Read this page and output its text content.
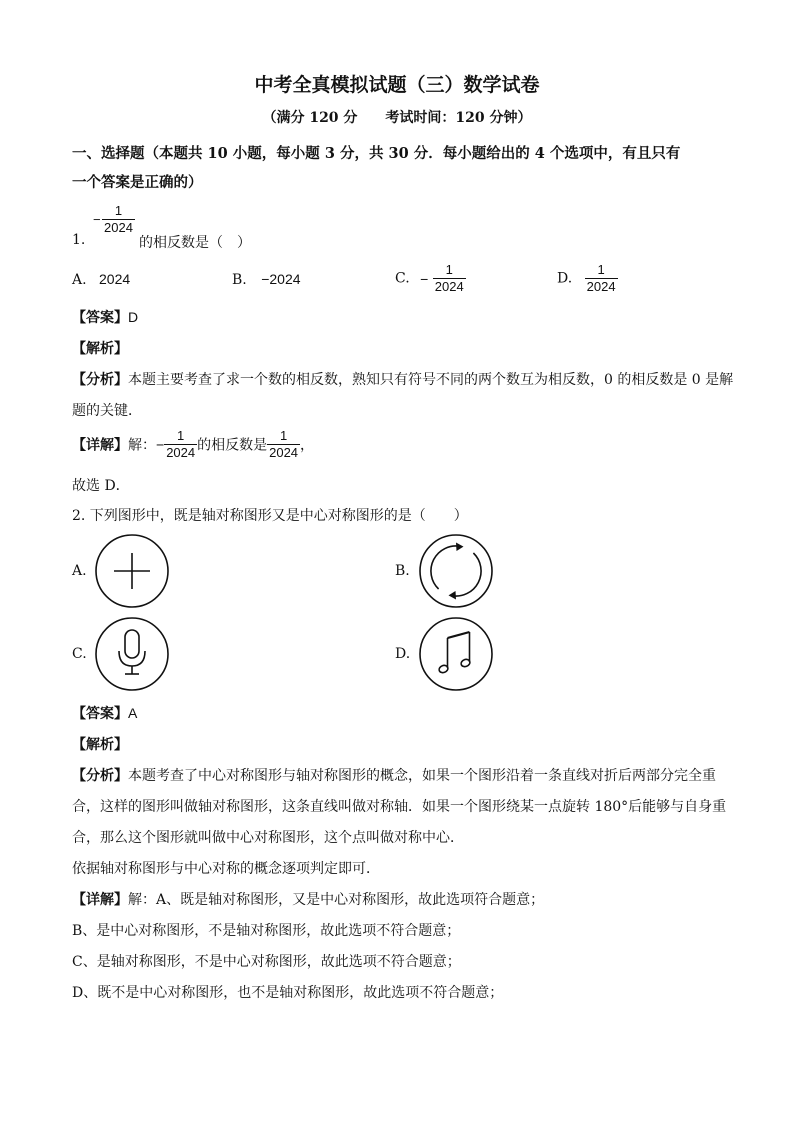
中考全真模拟试题（三）数学试卷
（满分 120 分　　考试时间：120 分钟）
一、选择题（本题共 10 小题，每小题 3 分，共 30 分．每小题给出的 4 个选项中，有且只有
一个答案是正确的）
− $\frac{1}{2024}$
1.	的相反数是（　）
A. 2024	B. −2024	C. − $\frac{1}{2024}$	D. $\frac{1}{2024}$
【答案】D
【解析】
【分析】本题主要考查了求一个数的相反数，熟知只有符号不同的两个数互为相反数，0 的相反数是 0 是解
题的关键．
【详解】解：− $\frac{1}{2024}$ 的相反数是 $\frac{1}{2024}$ ，
故选 D．
2. 下列图形中，既是轴对称图形又是中心对称图形的是（　　）
A.	B.
C.	D.
【答案】A
【解析】
【分析】本题考查了中心对称图形与轴对称图形的概念，如果一个图形沿着一条直线对折后两部分完全重
合，这样的图形叫做轴对称图形，这条直线叫做对称轴．如果一个图形绕某一点旋转 180°后能够与自身重
合，那么这个图形就叫做中心对称图形，这个点叫做对称中心．
依据轴对称图形与中心对称的概念逐项判定即可．
【详解】解：A、既是轴对称图形，又是中心对称图形，故此选项符合题意；
B、是中心对称图形，不是轴对称图形，故此选项不符合题意；
C、是轴对称图形，不是中心对称图形，故此选项不符合题意；
D、既不是中心对称图形，也不是轴对称图形，故此选项不符合题意；
